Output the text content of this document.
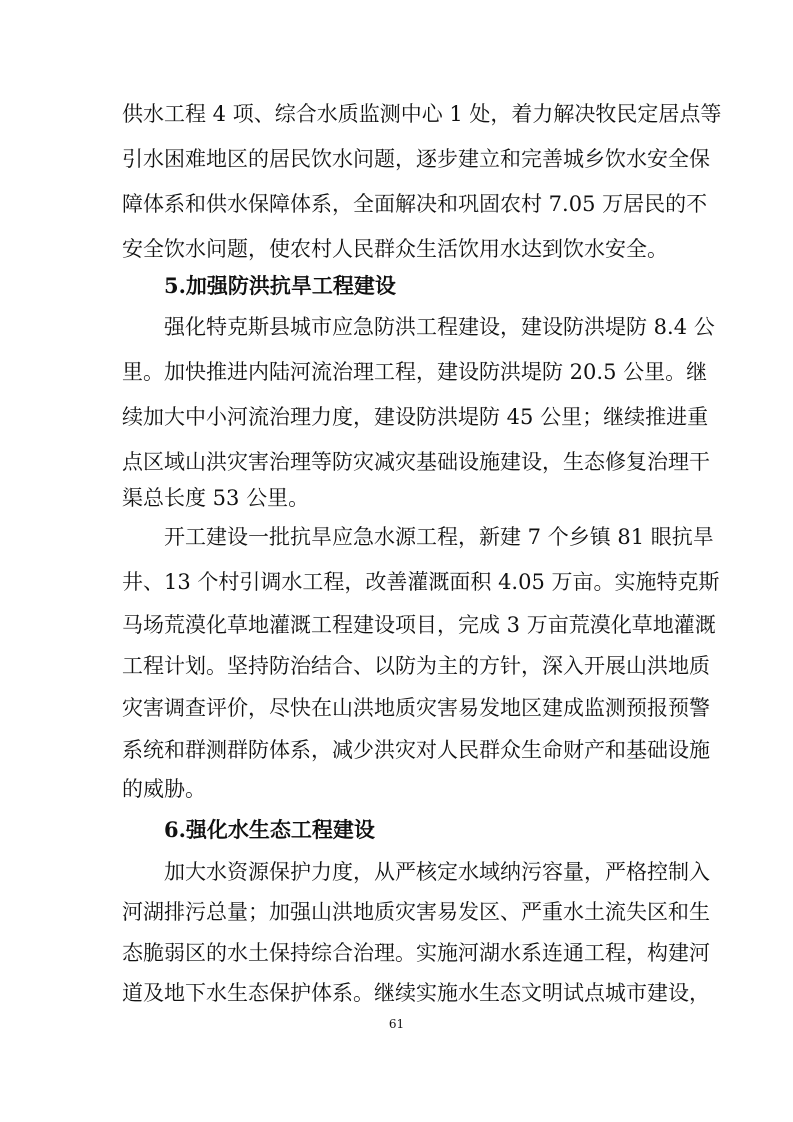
供水工程 4 项、综合水质监测中心 1 处，着力解决牧民定居点等
引水困难地区的居民饮水问题，逐步建立和完善城乡饮水安全保
障体系和供水保障体系，全面解决和巩固农村 7.05 万居民的不
安全饮水问题，使农村人民群众生活饮用水达到饮水安全。
5.加强防洪抗旱工程建设
强化特克斯县城市应急防洪工程建设，建设防洪堤防 8.4 公
里。加快推进内陆河流治理工程，建设防洪堤防 20.5 公里。继
续加大中小河流治理力度，建设防洪堤防 45 公里；继续推进重
点区域山洪灾害治理等防灾减灾基础设施建设，生态修复治理干
渠总长度 53 公里。
开工建设一批抗旱应急水源工程，新建 7 个乡镇 81 眼抗旱
井、13 个村引调水工程，改善灌溉面积 4.05 万亩。实施特克斯
马场荒漠化草地灌溉工程建设项目，完成 3 万亩荒漠化草地灌溉
工程计划。坚持防治结合、以防为主的方针，深入开展山洪地质
灾害调查评价，尽快在山洪地质灾害易发地区建成监测预报预警
系统和群测群防体系，减少洪灾对人民群众生命财产和基础设施
的威胁。
6.强化水生态工程建设
加大水资源保护力度，从严核定水域纳污容量，严格控制入
河湖排污总量；加强山洪地质灾害易发区、严重水土流失区和生
态脆弱区的水土保持综合治理。实施河湖水系连通工程，构建河
道及地下水生态保护体系。继续实施水生态文明试点城市建设，
61
